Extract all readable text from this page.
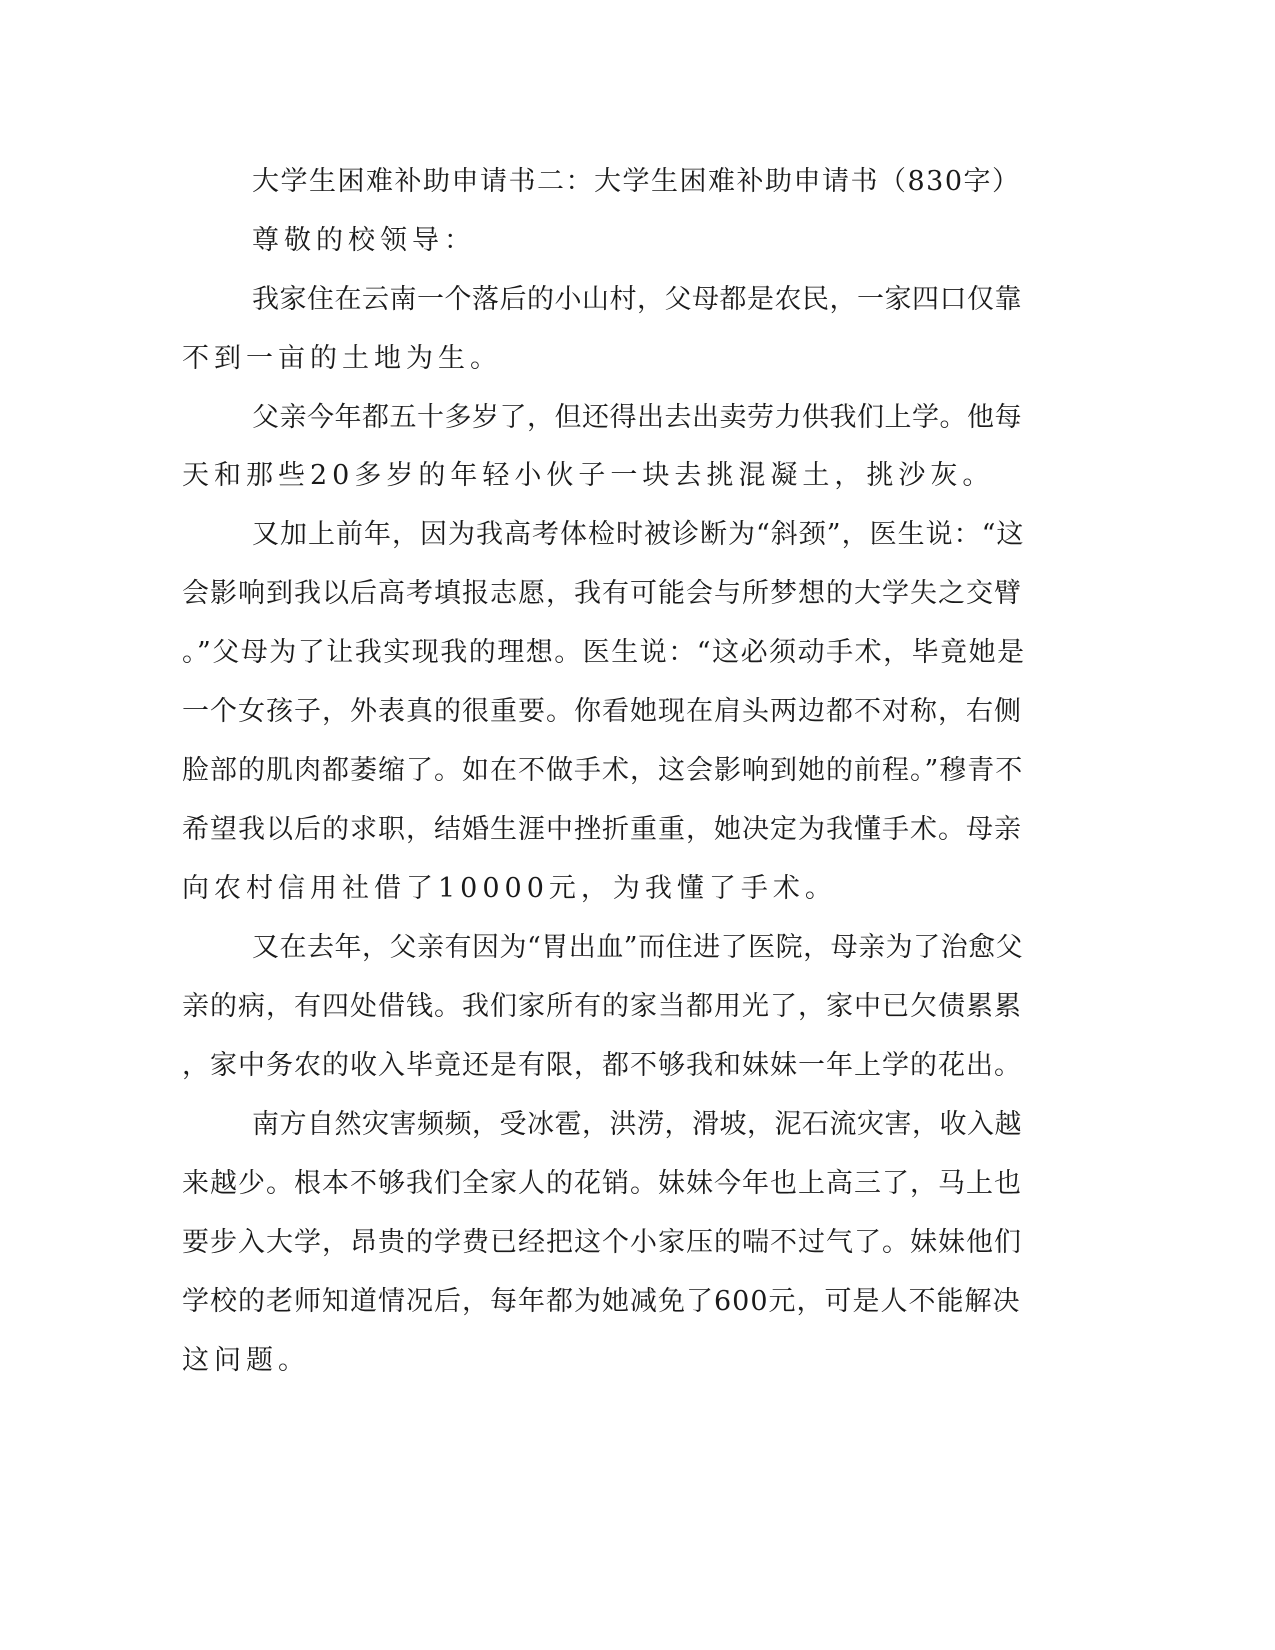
大学生困难补助申请书二：大学生困难补助申请书（830字）
尊敬的校领导：
我家住在云南一个落后的小山村，父母都是农民，一家四口仅靠
不到一亩的土地为生。
父亲今年都五十多岁了，但还得出去出卖劳力供我们上学。他每
天和那些20多岁的年轻小伙子一块去挑混凝土，挑沙灰。
又加上前年，因为我高考体检时被诊断为“斜颈”，医生说：“这
会影响到我以后高考填报志愿，我有可能会与所梦想的大学失之交臂
。”父母为了让我实现我的理想。医生说：“这必须动手术，毕竟她是
一个女孩子，外表真的很重要。你看她现在肩头两边都不对称，右侧
脸部的肌肉都萎缩了。如在不做手术，这会影响到她的前程。”穆青不
希望我以后的求职，结婚生涯中挫折重重，她决定为我懂手术。母亲
向农村信用社借了10000元，为我懂了手术。
又在去年，父亲有因为“胃出血”而住进了医院，母亲为了治愈父
亲的病，有四处借钱。我们家所有的家当都用光了，家中已欠债累累
，家中务农的收入毕竟还是有限，都不够我和妹妹一年上学的花出。
南方自然灾害频频，受冰雹，洪涝，滑坡，泥石流灾害，收入越
来越少。根本不够我们全家人的花销。妹妹今年也上高三了，马上也
要步入大学，昂贵的学费已经把这个小家压的喘不过气了。妹妹他们
学校的老师知道情况后，每年都为她减免了600元，可是人不能解决
这问题。
